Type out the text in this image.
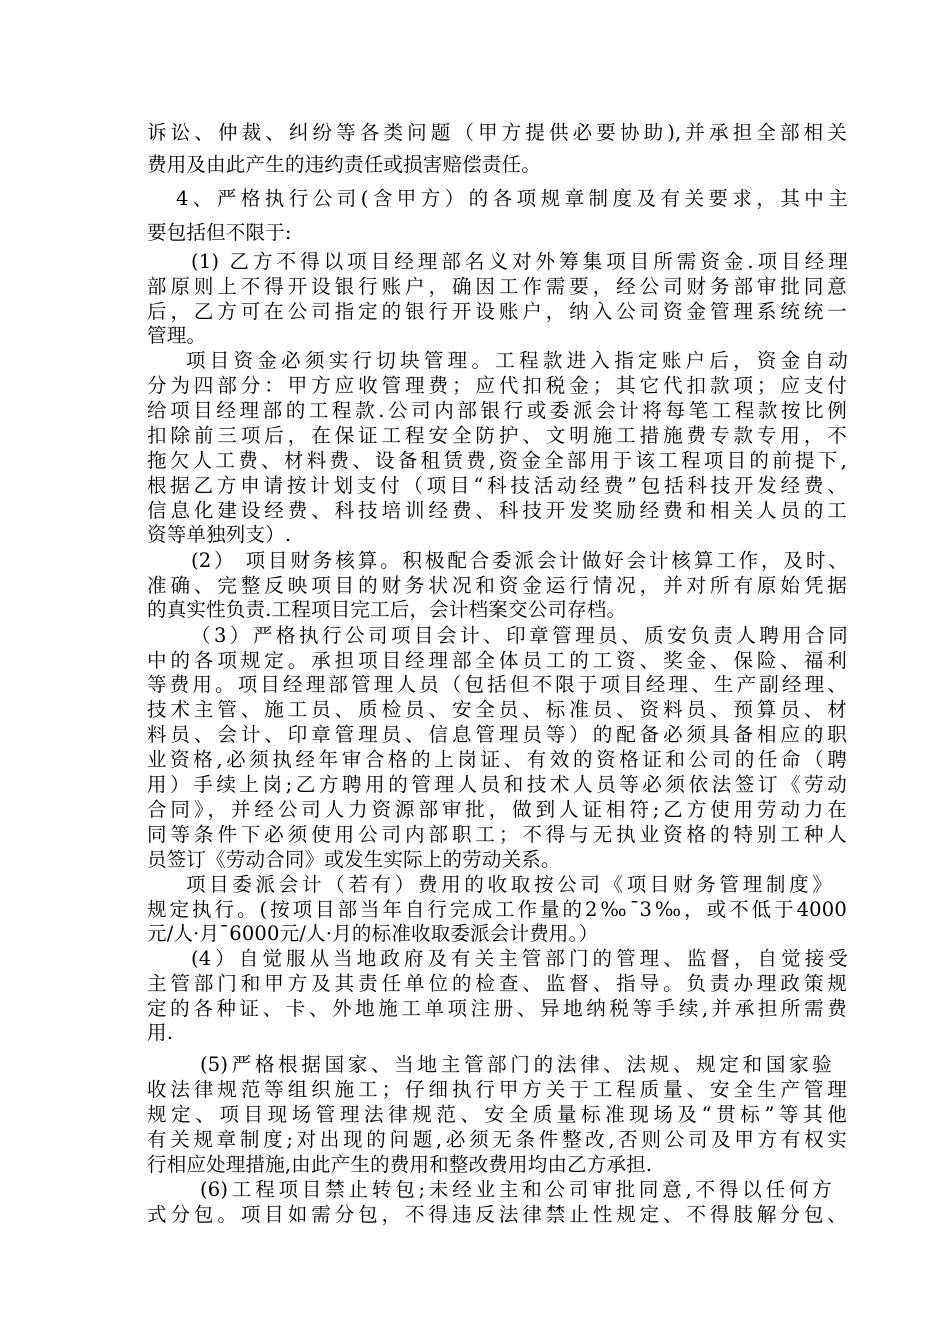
诉讼、仲裁、纠纷等各类问题（甲方提供必要协助),并承担全部相关
费用及由此产生的违约责任或损害赔偿责任。
4、严格执行公司(含甲方）的各项规章制度及有关要求，其中主
要包括但不限于:
(1) 乙方不得以项目经理部名义对外筹集项目所需资金.项目经理
部原则上不得开设银行账户，确因工作需要，经公司财务部审批同意
后，乙方可在公司指定的银行开设账户，纳入公司资金管理系统统一
管理。
项目资金必须实行切块管理。工程款进入指定账户后，资金自动
分为四部分：甲方应收管理费；应代扣税金；其它代扣款项；应支付
给项目经理部的工程款.公司内部银行或委派会计将每笔工程款按比例
扣除前三项后，在保证工程安全防护、文明施工措施费专款专用，不
拖欠人工费、材料费、设备租赁费,资金全部用于该工程项目的前提下,
根据乙方申请按计划支付（项目“科技活动经费”包括科技开发经费、
信息化建设经费、科技培训经费、科技开发奖励经费和相关人员的工
资等单独列支）.
(2） 项目财务核算。积极配合委派会计做好会计核算工作，及时、
准确、完整反映项目的财务状况和资金运行情况，并对所有原始凭据
的真实性负责.工程项目完工后，会计档案交公司存档。
（3）严格执行公司项目会计、印章管理员、质安负责人聘用合同
中的各项规定。承担项目经理部全体员工的工资、奖金、保险、福利
等费用。项目经理部管理人员（包括但不限于项目经理、生产副经理、
技术主管、施工员、质检员、安全员、标准员、资料员、预算员、材
料员、会计、印章管理员、信息管理员等）的配备必须具备相应的职
业资格,必须执经年审合格的上岗证、有效的资格证和公司的任命（聘
用）手续上岗;乙方聘用的管理人员和技术人员等必须依法签订《劳动
合同》，并经公司人力资源部审批，做到人证相符;乙方使用劳动力在
同等条件下必须使用公司内部职工；不得与无执业资格的特别工种人
员签订《劳动合同》或发生实际上的劳动关系。
项目委派会计（若有）费用的收取按公司《项目财务管理制度》
规定执行。(按项目部当年自行完成工作量的2‰¯3‰，或不低于4000
元/人·月¯6000元/人·月的标准收取委派会计费用。）
(4）自觉服从当地政府及有关主管部门的管理、监督，自觉接受
主管部门和甲方及其责任单位的检查、监督、指导。负责办理政策规
定的各种证、卡、外地施工单项注册、异地纳税等手续,并承担所需费
用.
(5)严格根据国家、当地主管部门的法律、法规、规定和国家验
收法律规范等组织施工；仔细执行甲方关于工程质量、安全生产管理
规定、项目现场管理法律规范、安全质量标准现场及“贯标”等其他
有关规章制度;对出现的问题,必须无条件整改,否则公司及甲方有权实
行相应处理措施,由此产生的费用和整改费用均由乙方承担.
(6)工程项目禁止转包;未经业主和公司审批同意,不得以任何方
式分包。项目如需分包，不得违反法律禁止性规定、不得肢解分包、
